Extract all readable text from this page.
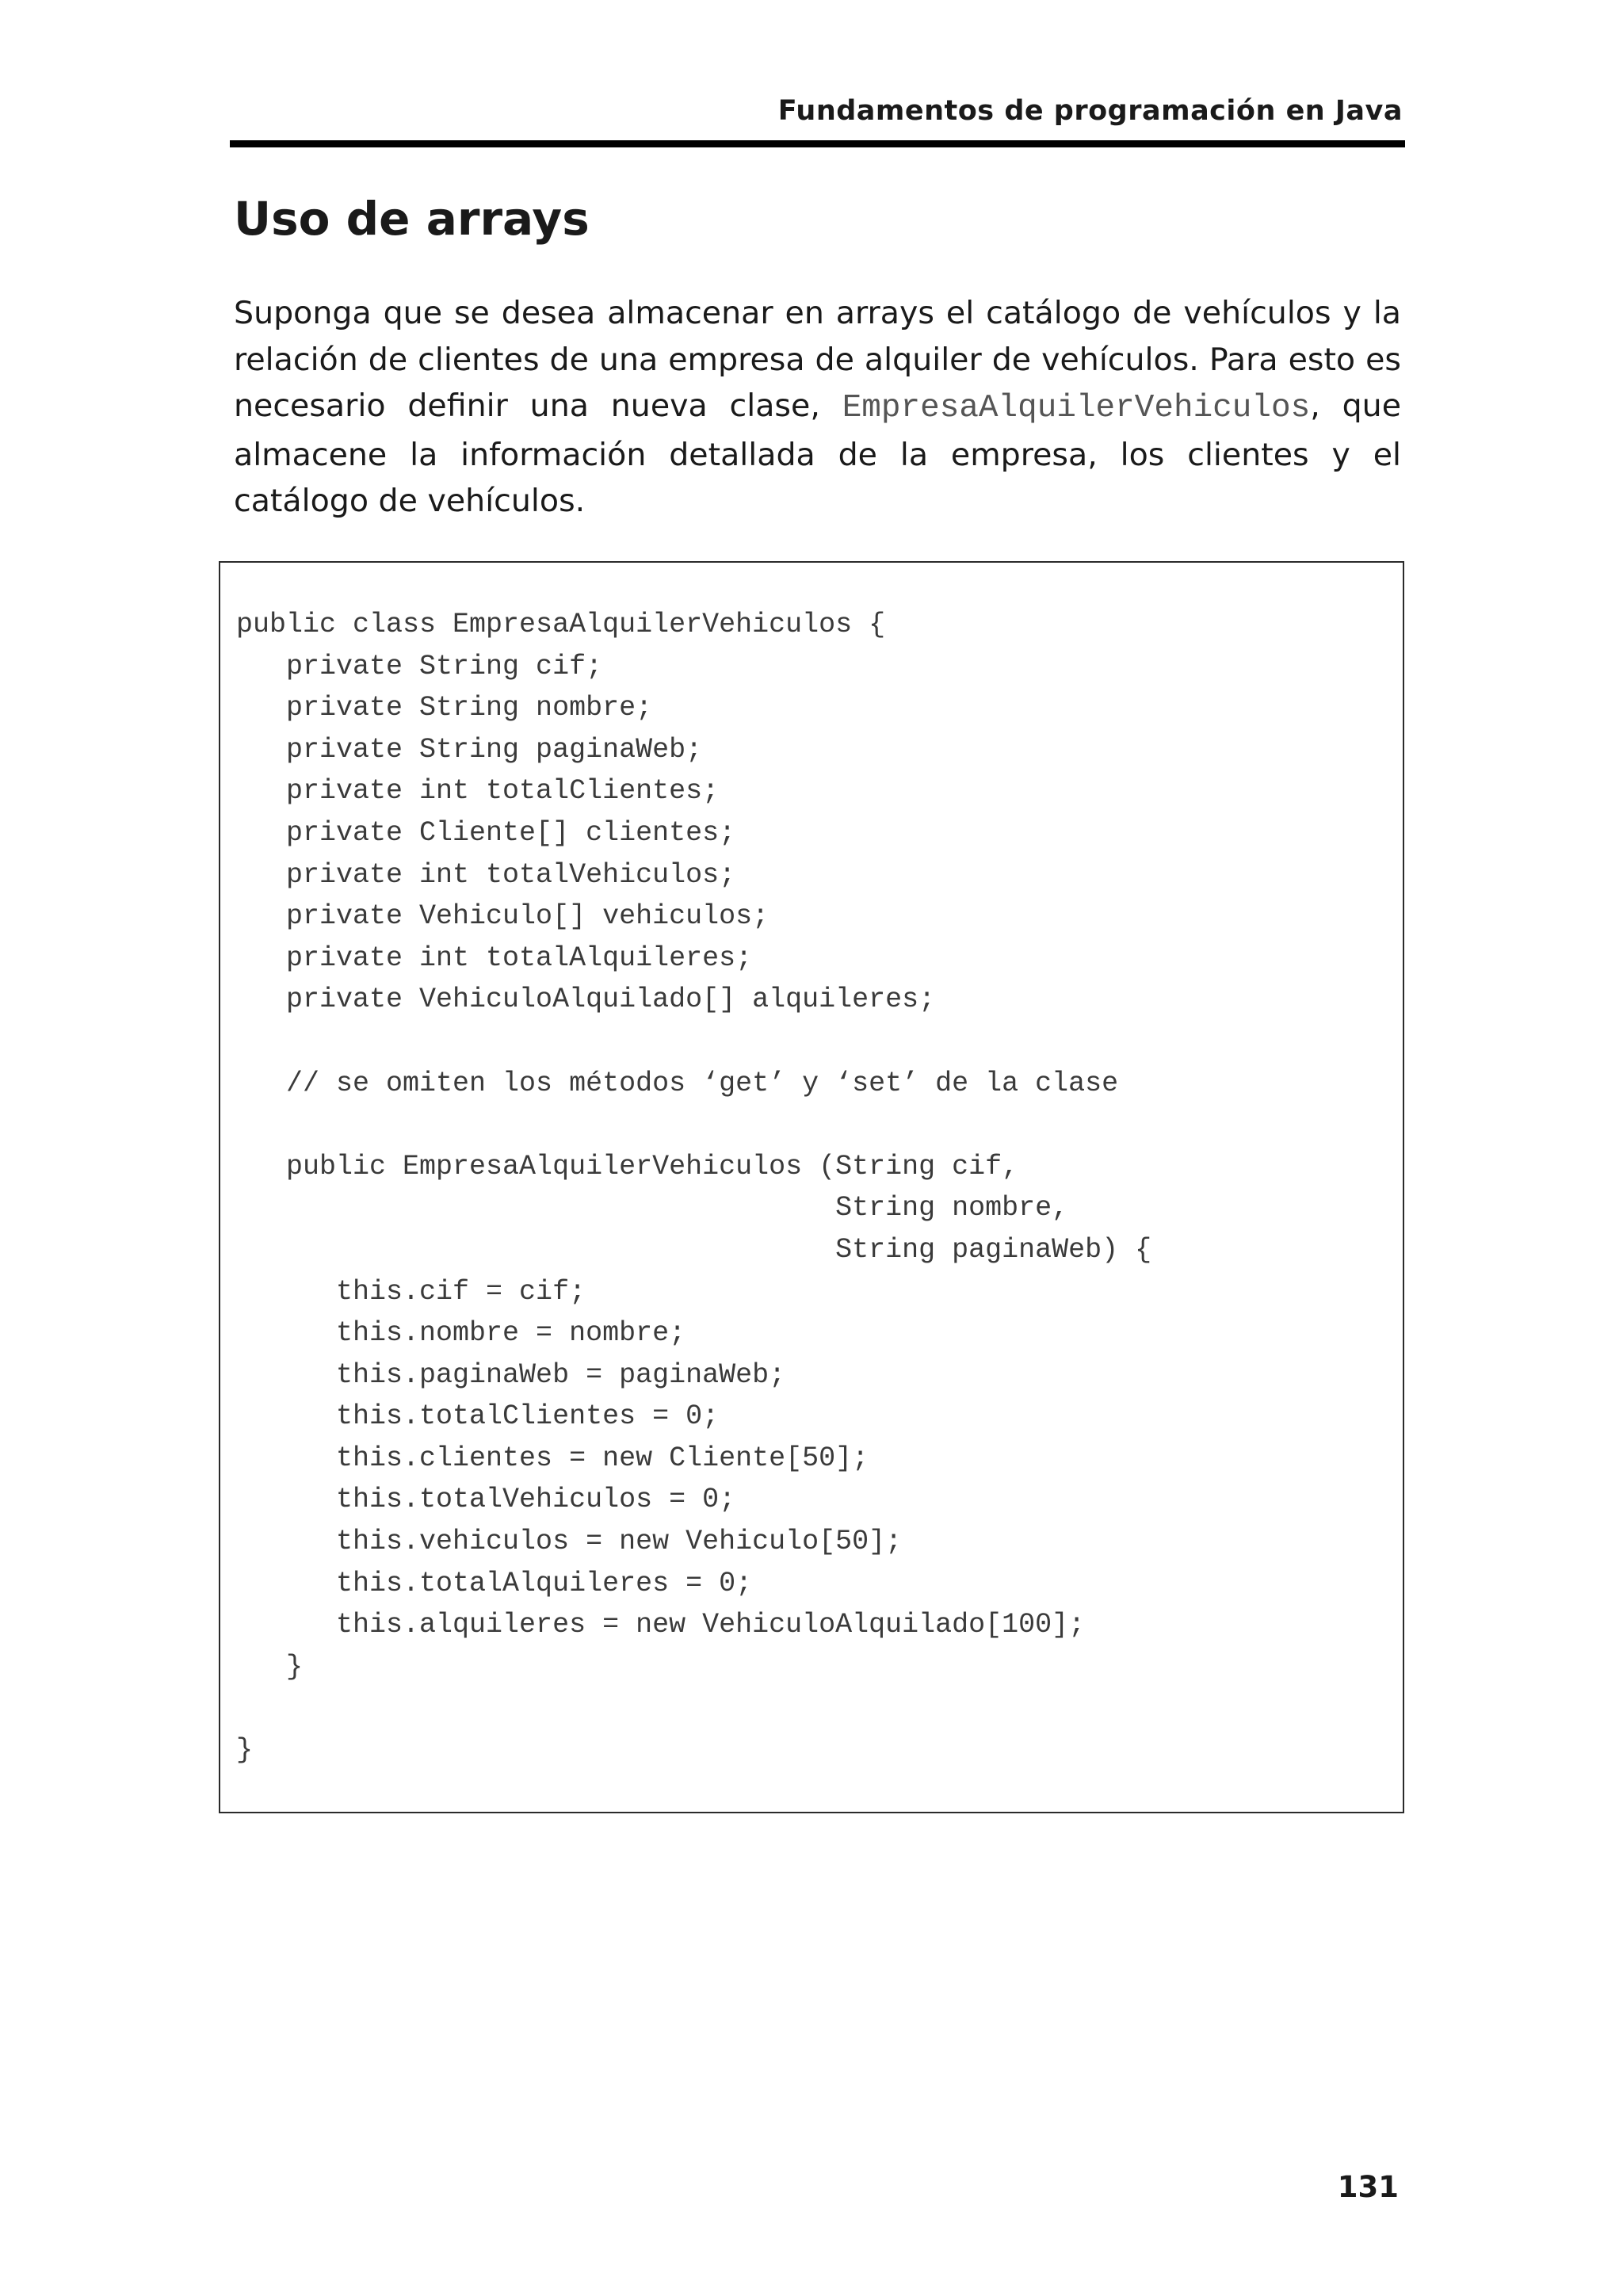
Fundamentos de programación en Java
Uso de arrays

Suponga que se desea almacenar en arrays el catálogo de vehículos y la relación de clientes de una empresa de alquiler de vehículos. Para esto es necesario definir una nueva clase, EmpresaAlquilerVehiculos, que almacene la información detallada de la empresa, los clientes y el catálogo de vehículos.

public class EmpresaAlquilerVehiculos {
private String cif;
private String nombre;
private String paginaWeb;
private int totalClientes;
private Cliente[] clientes;
private int totalVehiculos;
private Vehiculo[] vehiculos;
private int totalAlquileres;
private VehiculoAlquilado[] alquileres;
// se omiten los métodos ‘get’ y ‘set’ de la clase
public EmpresaAlquilerVehiculos (String cif,
String nombre,
String paginaWeb) {
this.cif = cif;
this.nombre = nombre;
this.paginaWeb = paginaWeb;
this.totalClientes = 0;
this.clientes = new Cliente[50];
this.totalVehiculos = 0;
this.vehiculos = new Vehiculo[50];
this.totalAlquileres = 0;
this.alquileres = new VehiculoAlquilado[100];
}
}
131
